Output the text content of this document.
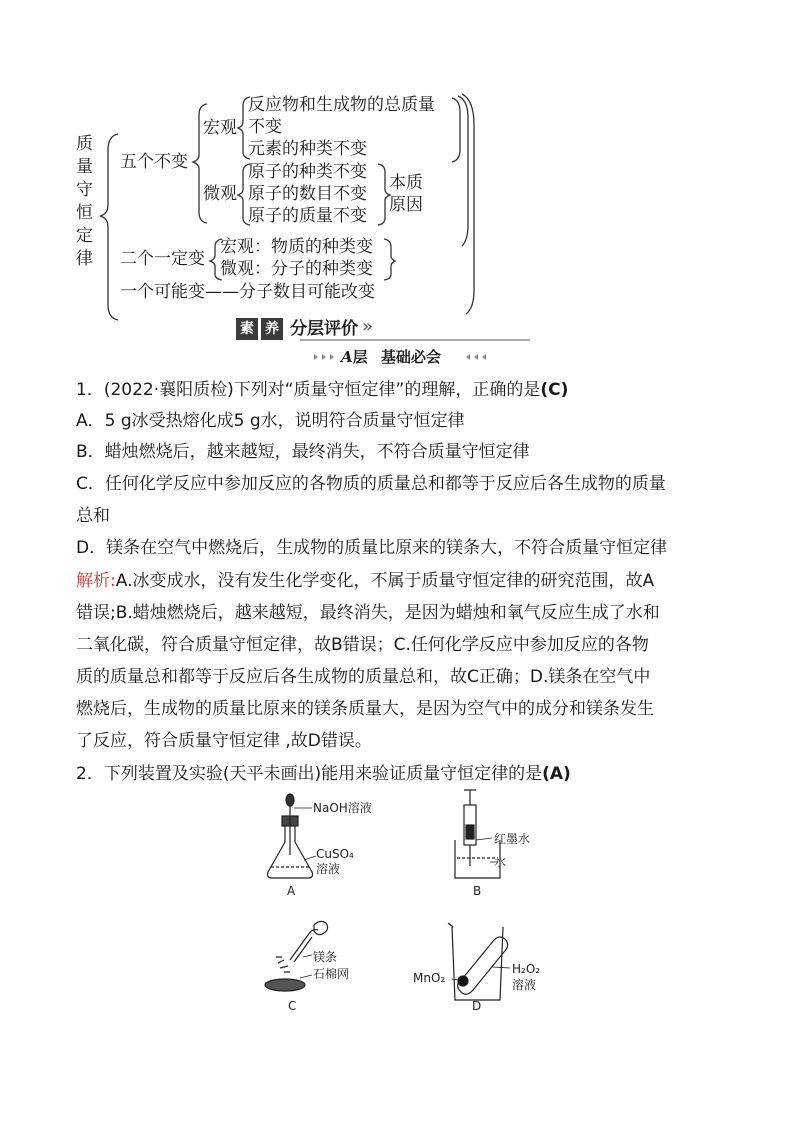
质
量
守
恒
定
律
五个不变
宏观
反应物和生成物的总质量
不变
元素的种类不变
微观
原子的种类不变
原子的数目不变
原子的质量不变
本质
原因
二个一定变
宏观：物质的种类变
微观：分子的种类变
一个可能变——分子数目可能改变
素 养 分层评价 »
A层 基础必会
1．(2022·襄阳质检)下列对“质量守恒定律”的理解，正确的是(C)
A．5 g冰受热熔化成5 g水，说明符合质量守恒定律
B．蜡烛燃烧后，越来越短，最终消失，不符合质量守恒定律
C．任何化学反应中参加反应的各物质的质量总和都等于反应后各生成物的质量
总和
D．镁条在空气中燃烧后，生成物的质量比原来的镁条大，不符合质量守恒定律
解析:A.冰变成水，没有发生化学变化，不属于质量守恒定律的研究范围，故A
错误;B.蜡烛燃烧后，越来越短，最终消失，是因为蜡烛和氧气反应生成了水和
二氧化碳，符合质量守恒定律，故B错误；C.任何化学反应中参加反应的各物
质的质量总和都等于反应后各生成物的质量总和，故C正确；D.镁条在空气中
燃烧后，生成物的质量比原来的镁条质量大，是因为空气中的成分和镁条发生
了反应，符合质量守恒定律 ,故D错误。
2．下列装置及实验(天平未画出)能用来验证质量守恒定律的是(A)
NaOH溶液
CuSO₄
溶液
A
红墨水
水
B
镁条
石棉网
C
MnO₂
H₂O₂
溶液
D
